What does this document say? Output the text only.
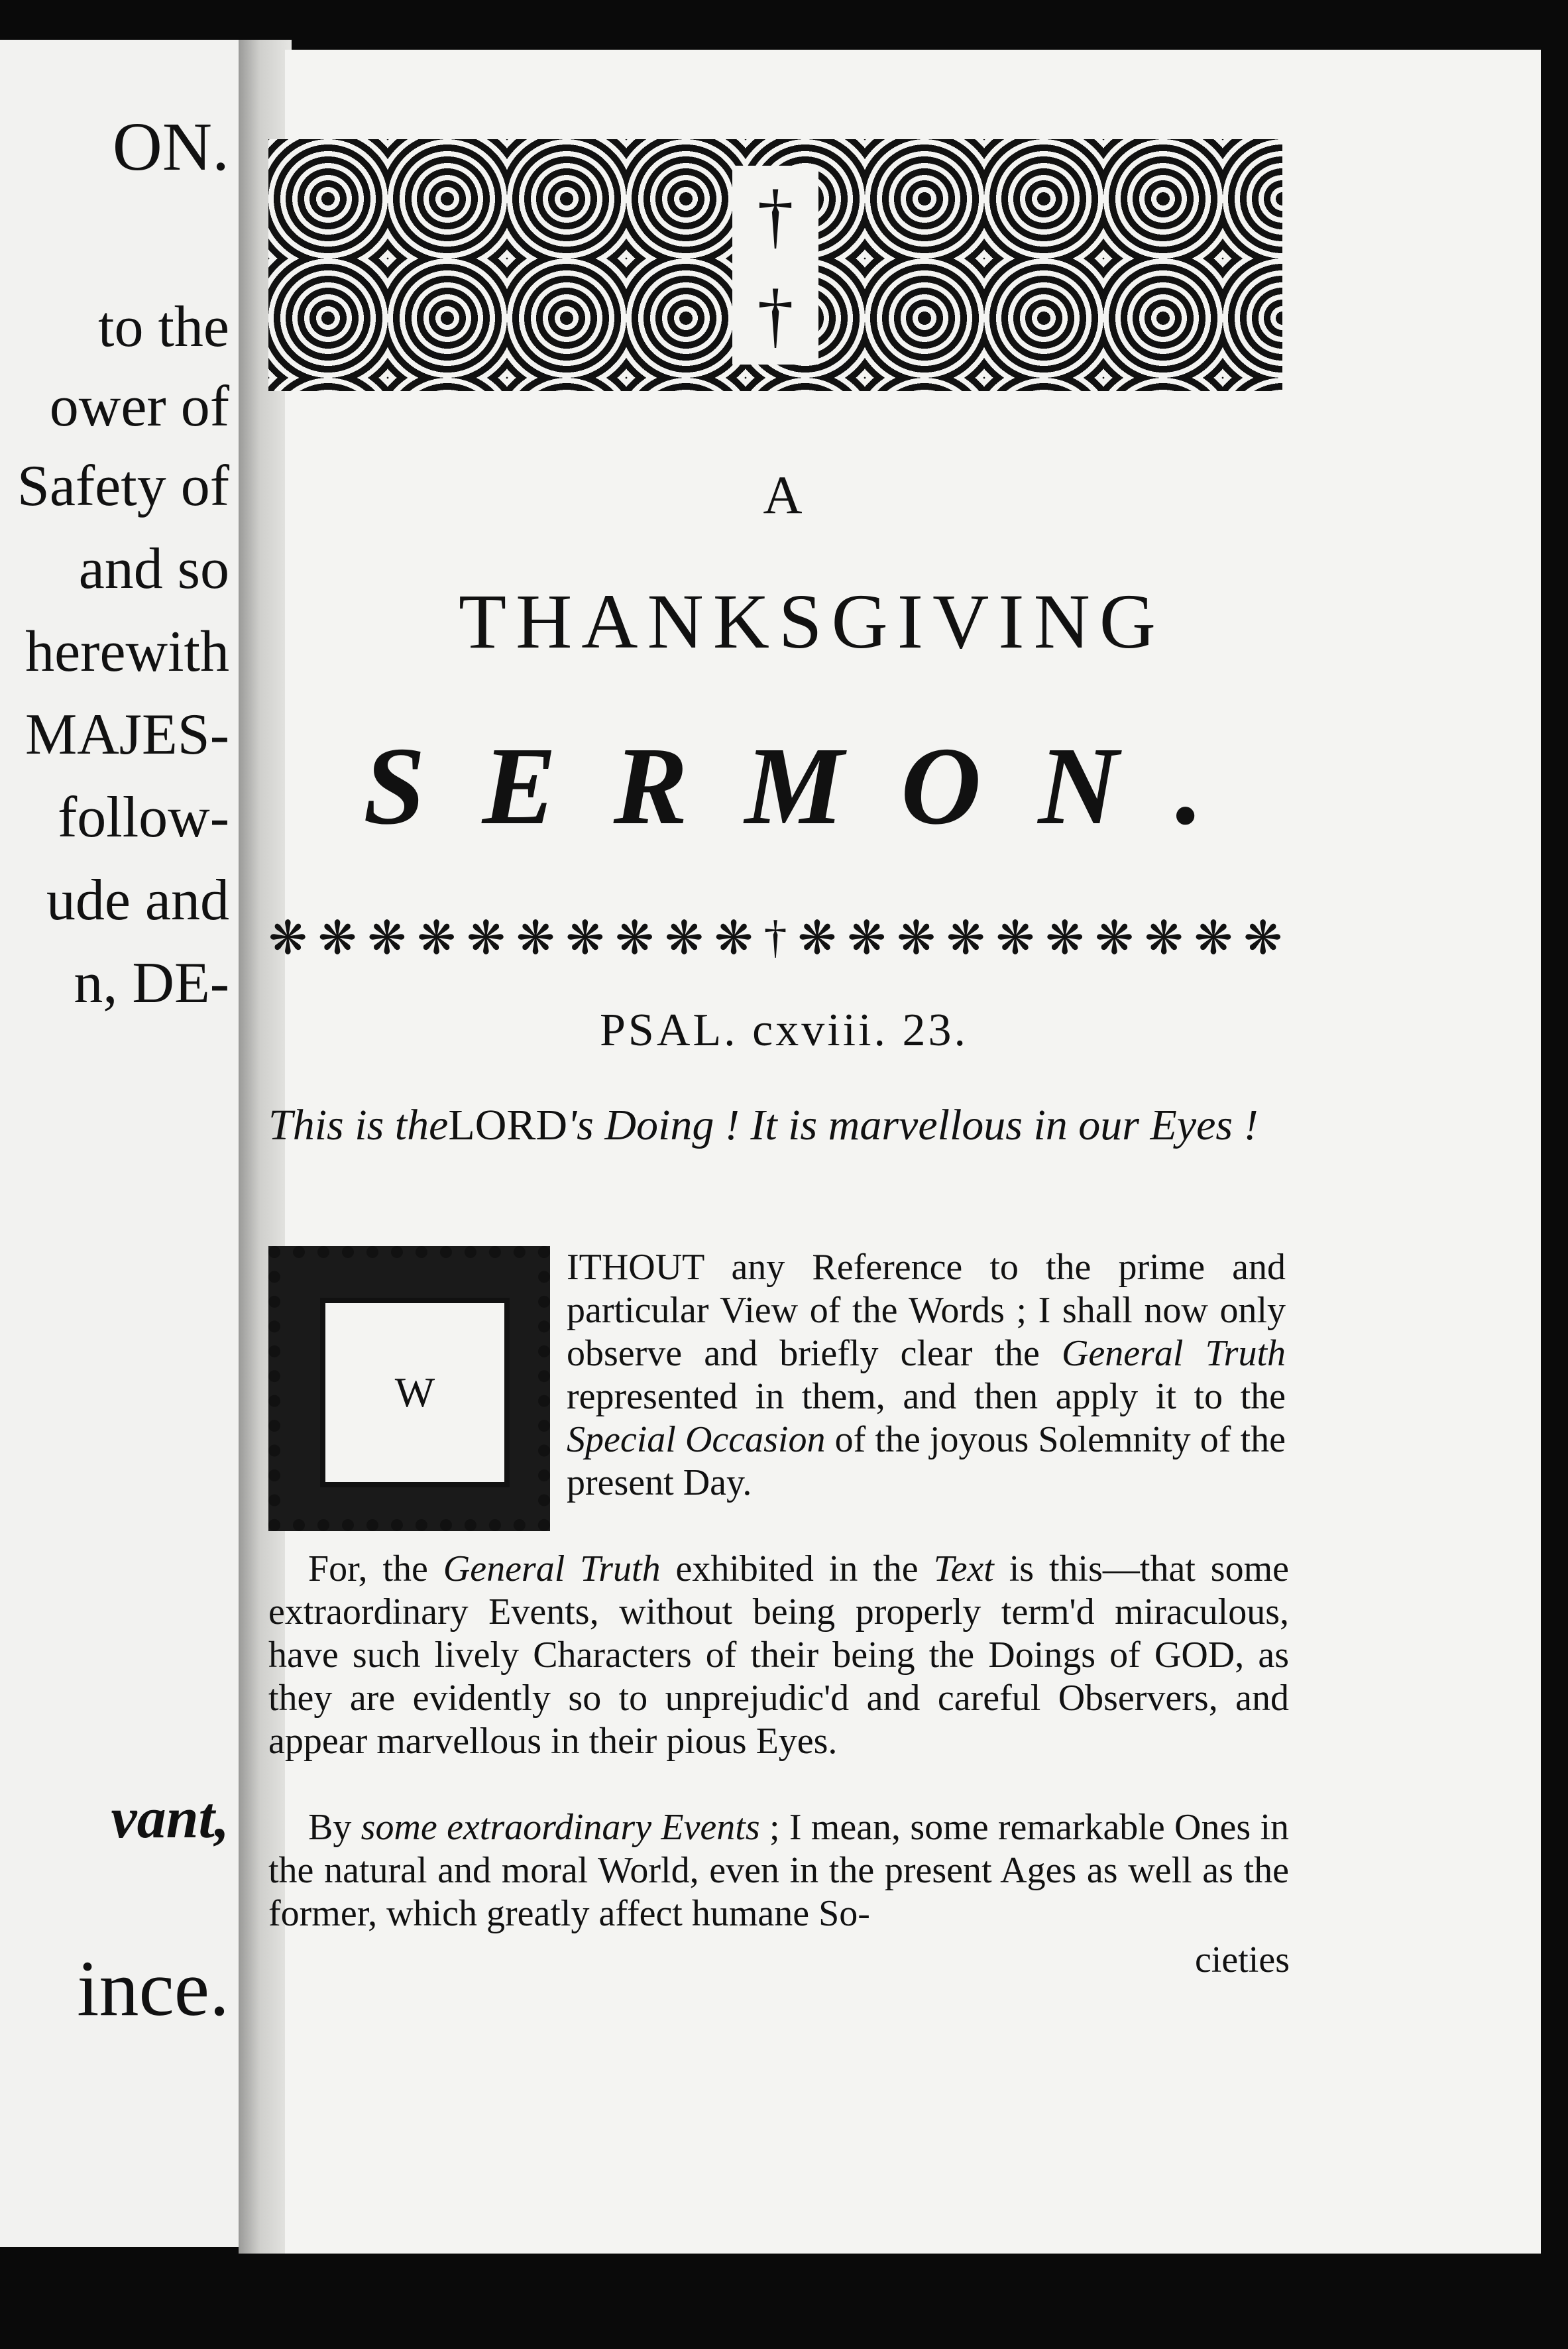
ON.
to the
ower of
Safety of
and so
herewith
MAJES-
follow-
ude and
n, DE-
vant,
ince.
†
†
A
THANKSGIVING
SERMON.
❋ ❋ ❋ ❋ ❋ ❋ ❋ ❋ ❋ ❋ † ❋ ❋ ❋ ❋ ❋ ❋ ❋ ❋ ❋ ❋
PSAL. cxviii. 23.
This is theLORD's Doing ! It is marvellous in our Eyes !
W
ITHOUT any Reference to the prime and particular View of the Words ; I shall now only observe and briefly clear the General Truth represented in them, and then apply it to the Special Occasion of the joyous Solemnity of the present Day.
For, the General Truth exhibited in the Text is this—that some extraordinary Events, without being properly term'd miraculous, have such lively Characters of their being the Doings of GOD, as they are evidently so to unprejudic'd and careful Observers, and appear marvellous in their pious Eyes.
By some extraordinary Events ; I mean, some remarkable Ones in the natural and moral World, even in the present Ages as well as the former, which greatly affect humane So-
cieties
